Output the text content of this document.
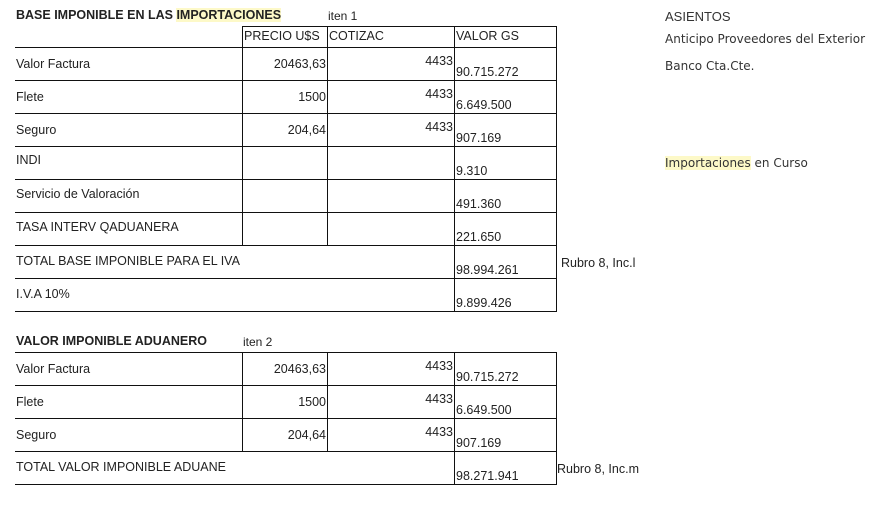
BASE IMPONIBLE EN LAS IMPORTACIONES	iten 1

	PRECIO U$S	COTIZAC	VALOR GS

Valor Factura	20463,63	4433	90.715.272

Flete	1500	4433	6.649.500

Seguro	204,64	4433	907.169

INDI			9.310

Servicio de Valoración			491.360

TASA INTERV QADUANERA			221.650

TOTAL BASE IMPONIBLE PARA EL IVA			98.994.261

I.V.A 10%			9.899.426
Rubro 8, Inc.l
VALOR IMPONIBLE ADUANERO	iten 2
Valor Factura	20463,63	4433	90.715.272

Flete	1500	4433	6.649.500

Seguro	204,64	4433	907.169

TOTAL VALOR IMPONIBLE ADUANE			98.271.941	Rubro 8, Inc.m
ASIENTOS
Anticipo Proveedores del Exterior
Banco Cta.Cte.
Importaciones en Curso
